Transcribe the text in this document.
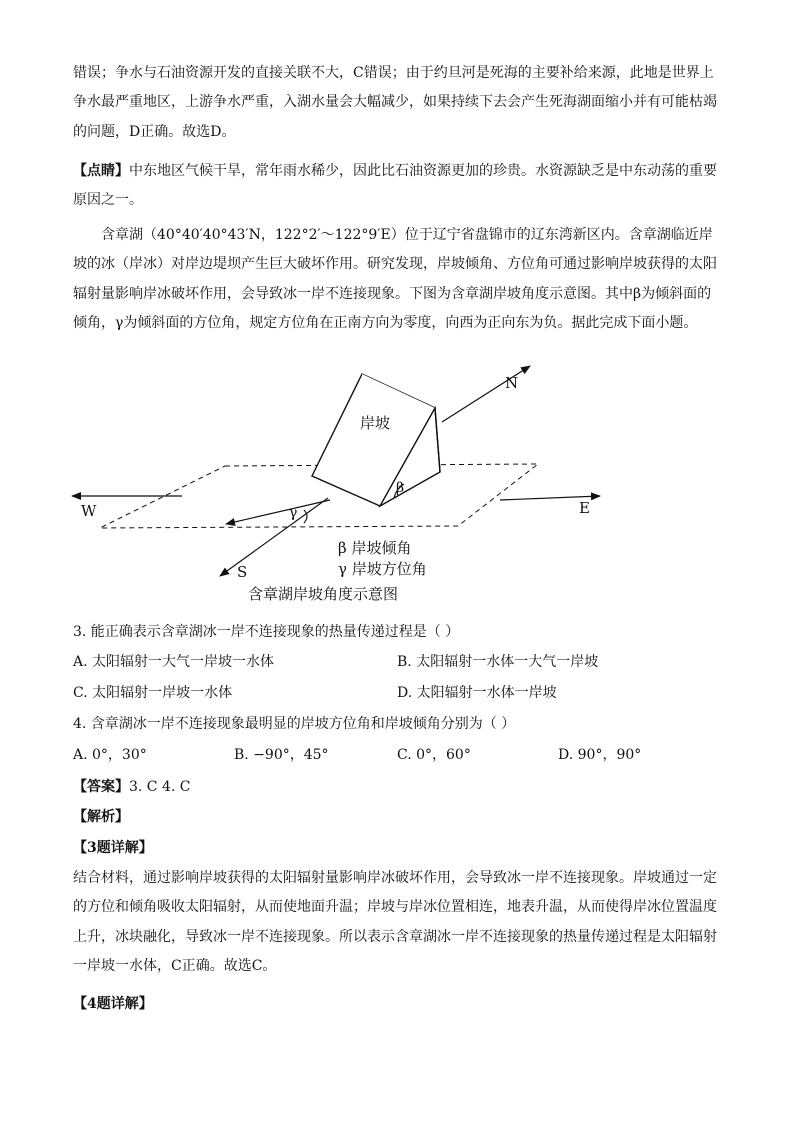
错误；争水与石油资源开发的直接关联不大，C错误；由于约旦河是死海的主要补给来源，此地是世界上争水最严重地区，上游争水严重，入湖水量会大幅减少，如果持续下去会产生死海湖面缩小并有可能枯竭的问题，D正确。故选D。
【点睛】中东地区气候干旱，常年雨水稀少，因此比石油资源更加的珍贵。水资源缺乏是中东动荡的重要原因之一。
含章湖（40°40′40°43′N，122°2′～122°9′E）位于辽宁省盘锦市的辽东湾新区内。含章湖临近岸坡的冰（岸冰）对岸边堤坝产生巨大破坏作用。研究发现，岸坡倾角、方位角可通过影响岸坡获得的太阳辐射量影响岸冰破坏作用，会导致冰一岸不连接现象。下图为含章湖岸坡角度示意图。其中β为倾斜面的倾角，γ为倾斜面的方位角，规定方位角在正南方向为零度，向西为正向东为负。据此完成下面小题。
岸坡
N
S
W	E
β
γ
β 岸坡倾角
γ 岸坡方位角
含章湖岸坡角度示意图
3. 能正确表示含章湖冰一岸不连接现象的热量传递过程是（ ）
A. 太阳辐射一大气一岸坡一水体	B. 太阳辐射一水体一大气一岸坡
C. 太阳辐射一岸坡一水体	D. 太阳辐射一水体一岸坡
4. 含章湖冰一岸不连接现象最明显的岸坡方位角和岸坡倾角分别为（ ）
A. 0°，30°	B. −90°，45°	C. 0°，60°	D. 90°，90°
【答案】3. C 4. C
【解析】
【3题详解】
结合材料，通过影响岸坡获得的太阳辐射量影响岸冰破坏作用，会导致冰一岸不连接现象。岸坡通过一定的方位和倾角吸收太阳辐射，从而使地面升温；岸坡与岸冰位置相连，地表升温，从而使得岸冰位置温度上升，冰块融化，导致冰一岸不连接现象。所以表示含章湖冰一岸不连接现象的热量传递过程是太阳辐射一岸坡一水体，C正确。故选C。
【4题详解】
